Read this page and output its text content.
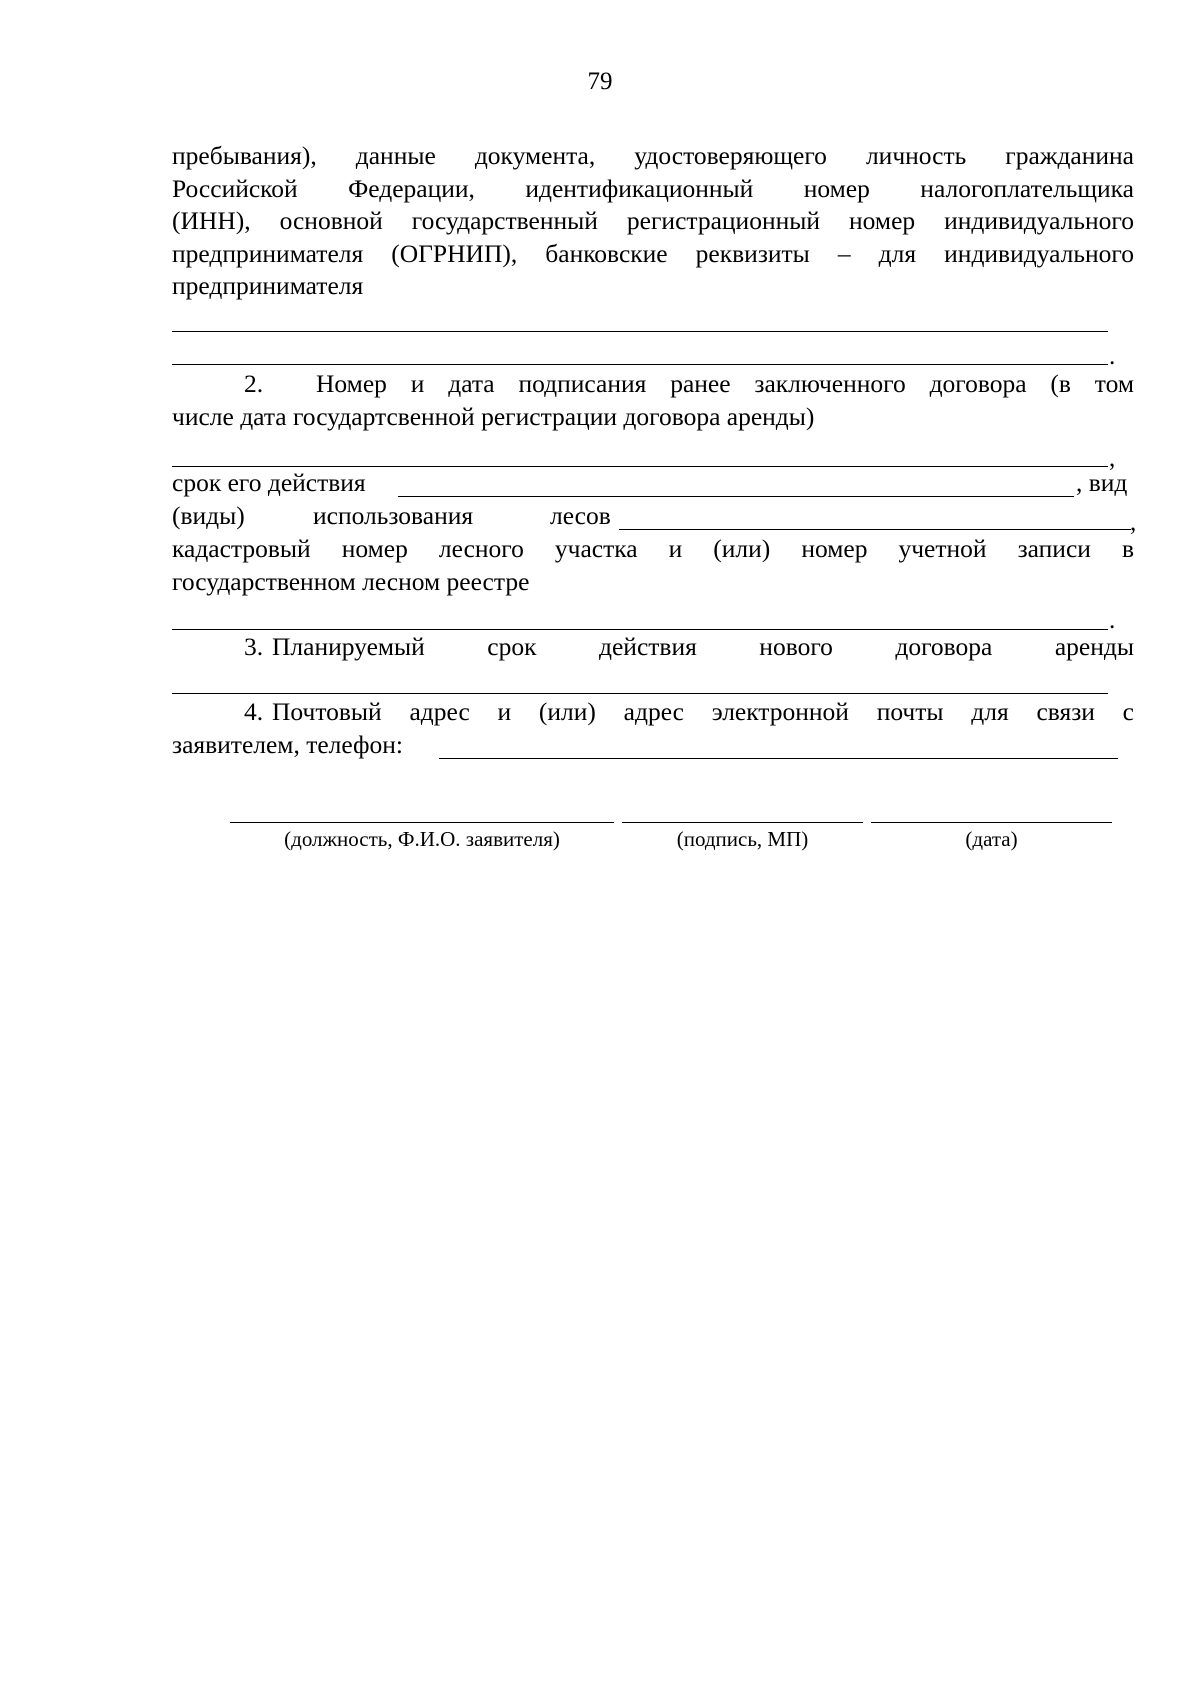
79
пребывания), данные документа, удостоверяющего личность гражданина
Российской Федерации, идентификационный номер налогоплательщика
(ИНН), основной государственный регистрационный номер индивидуального
предпринимателя (ОГРНИП), банковские реквизиты – для индивидуального
предпринимателя
.
2.	Номер и дата подписания ранее заключенного договора (в том
числе дата государтсвенной регистрации договора аренды)
,
срок его действия	, вид
(виды)	использования	лесов	,
кадастровый номер лесного участка и (или) номер учетной записи в
государственном лесном реестре
.
3. Планируемый срок действия нового договора аренды
4. Почтовый адрес и (или) адрес электронной почты для связи с
заявителем, телефон:
(должность, Ф.И.О. заявителя)	(подпись, МП)	(дата)
